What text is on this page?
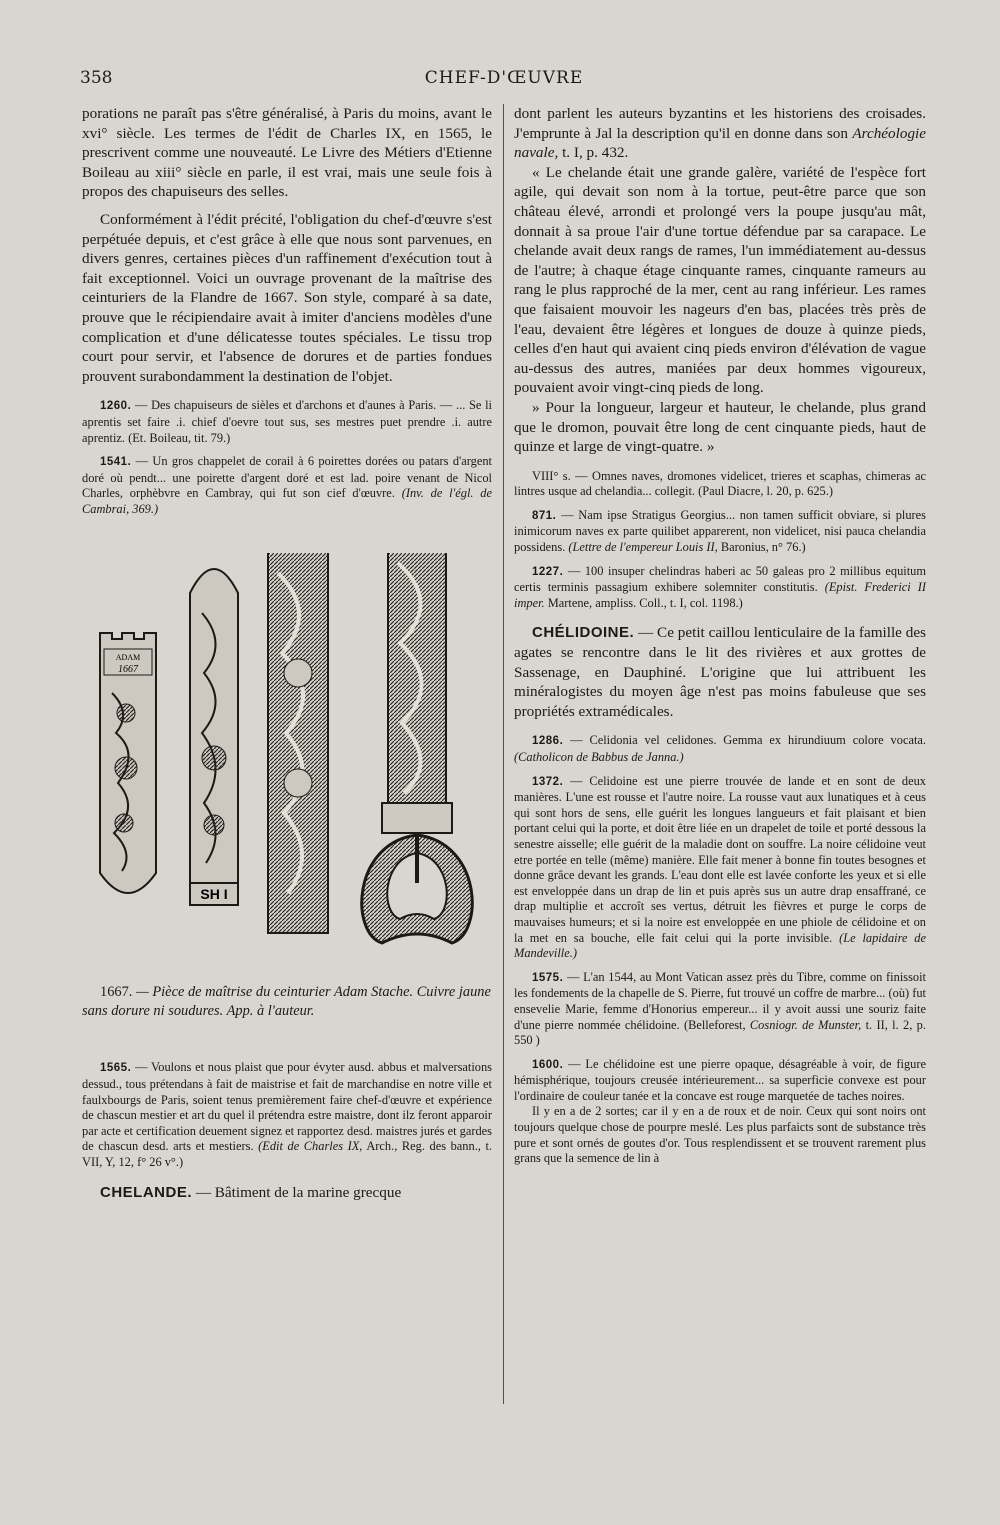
358	CHEF-D'ŒUVRE

porations ne paraît pas s'être généralisé, à Paris du moins, avant le xvi° siècle. Les termes de l'édit de Charles IX, en 1565, le prescrivent comme une nouveauté. Le Livre des Métiers d'Etienne Boileau au xiii° siècle en parle, il est vrai, mais une seule fois à propos des chapuiseurs des selles.

Conformément à l'édit précité, l'obligation du chef-d'œuvre s'est perpétuée depuis, et c'est grâce à elle que nous sont parvenues, en divers genres, certaines pièces d'un raffinement d'exécution tout à fait exceptionnel. Voici un ouvrage provenant de la maîtrise des ceinturiers de la Flandre de 1667. Son style, comparé à sa date, prouve que le récipiendaire avait à imiter d'anciens modèles d'une complication et d'une délicatesse toutes spéciales. Le tissu trop court pour servir, et l'absence de dorures et de parties fondues prouvent surabondamment la destination de l'objet.

1260. — Des chapuiseurs de sièles et d'archons et d'aunes à Paris. — ... Se li aprentis set faire .i. chief d'oevre tout sus, ses mestres puet prendre .i. autre aprentiz. (Et. Boileau, tit. 79.)

1541. — Un gros chappelet de corail à 6 poirettes dorées ou patars d'argent doré où pendt... une poirette d'argent doré et est lad. poire venant de Nicol Charles, orphèbvre en Cambray, qui fut son cief d'œuvre. (Inv. de l'égl. de Cambrai, 369.)

ADAM
1667
SH I

1667. — Pièce de maîtrise du ceinturier Adam Stache. Cuivre jaune sans dorure ni soudures. App. à l'auteur.

1565. — Voulons et nous plaist que pour évyter ausd. abbus et malversations dessud., tous prétendans à fait de maistrise et fait de marchandise en notre ville et faulxbourgs de Paris, soient tenus premièrement faire chef-d'œuvre et expérience de chascun mestier et art du quel il prétendra estre maistre, dont ilz feront apparoir par acte et certification deuement signez et rapportez desd. maistres jurés et gardes de chascun desd. arts et mestiers. (Edit de Charles IX, Arch., Reg. des bann., t. VII, Y, 12, f° 26 v°.)

CHELANDE. — Bâtiment de la marine grecque

dont parlent les auteurs byzantins et les historiens des croisades. J'emprunte à Jal la description qu'il en donne dans son Archéologie navale, t. I, p. 432.

« Le chelande était une grande galère, variété de l'espèce fort agile, qui devait son nom à la tortue, peut-être parce que son château élevé, arrondi et prolongé vers la poupe jusqu'au mât, donnait à sa proue l'air d'une tortue défendue par sa carapace. Le chelande avait deux rangs de rames, l'un immédiatement au-dessus de l'autre; à chaque étage cinquante rames, cinquante rameurs au rang le plus rapproché de la mer, cent au rang inférieur. Les rames que faisaient mouvoir les nageurs d'en bas, placées très près de l'eau, devaient être légères et longues de douze à quinze pieds, celles d'en haut qui avaient cinq pieds environ d'élévation de vague au-dessus des autres, maniées par deux hommes vigoureux, pouvaient avoir vingt-cinq pieds de long.

» Pour la longueur, largeur et hauteur, le chelande, plus grand que le dromon, pouvait être long de cent cinquante pieds, haut de quinze et large de vingt-quatre. »

VIII° s. — Omnes naves, dromones videlicet, trieres et scaphas, chimeras ac lintres usque ad chelandia... collegit. (Paul Diacre, l. 20, p. 625.)

871. — Nam ipse Stratigus Georgius... non tamen sufficit obviare, si plures inimicorum naves ex parte quilibet apparerent, non videlicet, nisi pauca chelandia possidens. (Lettre de l'empereur Louis II, Baronius, n° 76.)

1227. — 100 insuper chelindras haberi ac 50 galeas pro 2 millibus equitum certis terminis passagium exhibere solemniter constitutis. (Epist. Frederici II imper. Martene, ampliss. Coll., t. I, col. 1198.)

CHÉLIDOINE. — Ce petit caillou lenticulaire de la famille des agates se rencontre dans le lit des rivières et aux grottes de Sassenage, en Dauphiné. L'origine que lui attribuent les minéralogistes du moyen âge n'est pas moins fabuleuse que ses propriétés extramédicales.

1286. — Celidonia vel celidones. Gemma ex hirundiuum colore vocata. (Catholicon de Babbus de Janna.)

1372. — Celidoine est une pierre trouvée de lande et en sont de deux manières. L'une est rousse et l'autre noire. La rousse vaut aux lunatiques et à ceus qui sont hors de sens, elle guérit les longues langueurs et fait plaisant et bien portant celui qui la porte, et doit être liée en un drapelet de toile et porté dessous la senestre aisselle; elle guérit de la maladie dont on souffre. La noire célidoine veut etre portée en telle (même) manière. Elle fait mener à bonne fin toutes besognes et donne grâce devant les grands. L'eau dont elle est lavée conforte les yeux et si elle est enveloppée dans un drap de lin et puis après sus un autre drap ensaffrané, ce drap multiplie et accroît ses vertus, détruit les fièvres et purge le corps de mauvaises humeurs; et si la noire est enveloppée en une phiole de célidoine et on la met en sa bouche, elle fait celui qui la porte invisible. (Le lapidaire de Mandeville.)

1575. — L'an 1544, au Mont Vatican assez près du Tibre, comme on finissoit les fondements de la chapelle de S. Pierre, fut trouvé un coffre de marbre... (où) fut ensevelie Marie, femme d'Honorius empereur... il y avoit aussi une souriz faite d'une pierre nommée chélidoine. (Belleforest, Cosniogr. de Munster, t. II, l. 2, p. 550 )

1600. — Le chélidoine est une pierre opaque, désagréable à voir, de figure hémisphérique, toujours creusée intérieurement... sa superficie convexe est pour l'ordinaire de couleur tanée et la concave est rouge marquetée de taches noires.

Il y en a de 2 sortes; car il y en a de roux et de noir. Ceux qui sont noirs ont toujours quelque chose de pourpre meslé. Les plus parfaicts sont de substance très pure et sont ornés de goutes d'or. Tous resplendissent et se trouvent rarement plus grans que la semence de lin à
